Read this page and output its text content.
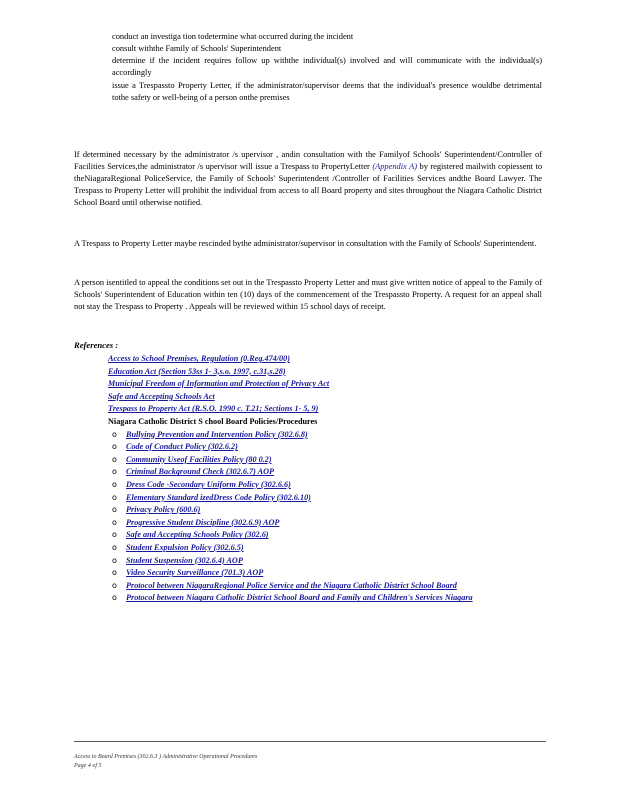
conduct an investiga tion todetermine what occurred during the incident
consult withthe Family of Schools' Superintendent
determine if the incident requires follow up withthe individual(s) involved and will communicate with the individual(s) accordingly
issue a Trespassto Property Letter, if the administrator/supervisor deems that the individual's presence wouldbe detrimental tothe safety or well-being of a person onthe premises
If determined necessary by the administrator /s upervisor , andin consultation with the Familyof Schools' Superintendent/Controller of Facilities Services,the administrator /s upervisor will issue a Trespass to PropertyLetter (Appendix A) by registered mailwith copiessent to theNiagaraRegional PoliceService, the Family of Schools' Superintendent /Controller of Facilities Services andthe Board Lawyer. The Trespass to Property Letter will prohibit the individual from access to all Board property and sites throughout the Niagara Catholic District School Board until otherwise notified.
A Trespass to Property Letter maybe rescinded bythe administrator/supervisor in consultation with the Family of Schools' Superintendent.
A person isentitled to appeal the conditions set out in the Trespassto Property Letter and must give written notice of appeal to the Family of Schools' Superintendent of Education within ten (10) days of the commencement of the Trespassto Property. A request for an appeal shall not stay the Trespass to Property . Appeals will be reviewed within 15 school days of receipt.
References :
Access to School Premises, Regulation (0.Reg.474/00)
Education Act (Section 53ss 1- 3,s.o. 1997, c.31,s.28)
Municipal Freedom of Information and Protection of Privacy Act
Safe and Accepting Schools Act
Trespass to Property Act (R.S.O. 1990 c. T.21; Sections 1- 5, 9)
Niagara Catholic District S chool Board Policies/Procedures
o	Bullying Prevention and Intervention Policy (302.6.8)
o	Code of Conduct Policy (302.6.2)
o	Community Useof Facilities Policy (80 0.2)
o	Criminal Background Check (302.6.7) AOP
o	Dress Code -Secondary Uniform Policy (302.6.6)
o	Elementary Standard izedDress Code Policy (302.6.10)
o	Privacy Policy (600.6)
o	Progressive Student Discipline (302.6.9) AOP
o	Safe and Accepting Schools Policy (302.6)
o	Student Expulsion Policy (302.6.5)
o	Student Suspension (302.6.4) AOP
o	Video Security Surveillance (701.3) AOP
o	Protocol between NiagaraRegional Police Service and the Niagara Catholic District School Board
o	Protocol between Niagara Catholic District School Board and Family and Children's Services Niagara
Access to Board Premises (302.6.3 ) Administrative Operational Procedures
Page 4 of 5
